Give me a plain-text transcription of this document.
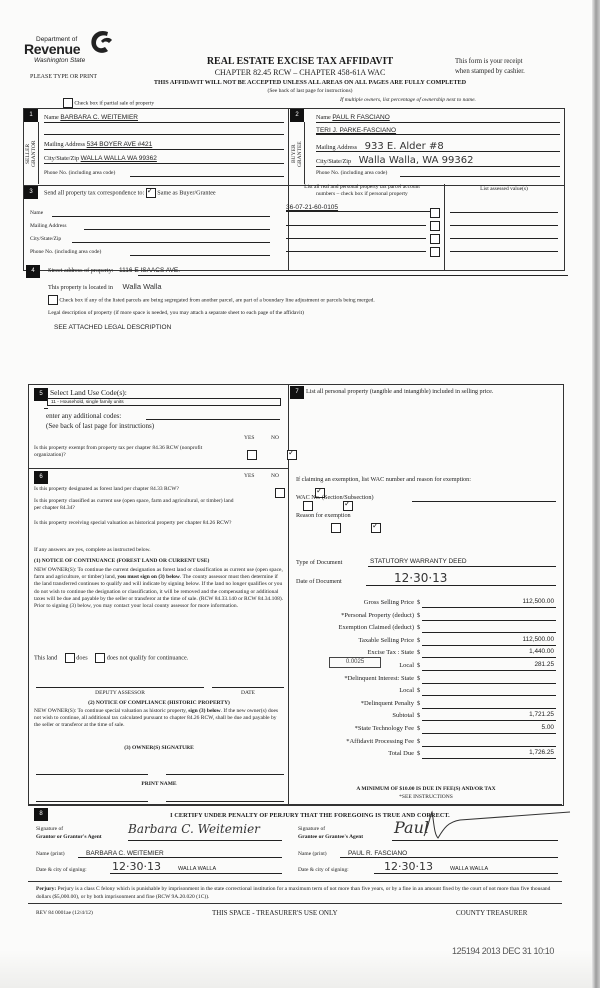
Department of
Revenue
Washington State
PLEASE TYPE OR PRINT
REAL ESTATE EXCISE TAX AFFIDAVIT
CHAPTER 82.45 RCW – CHAPTER 458-61A WAC
This form is your receipt
when stamped by cashier.
THIS AFFIDAVIT WILL NOT BE ACCEPTED UNLESS ALL AREAS ON ALL PAGES ARE FULLY COMPLETED
(See back of last page for instructions)
Check box if partial sale of property
If multiple owners, list percentage of ownership next to name.
1
SELLER
GRANTOR
Name BARBARA C. WEITEMIER
Mailing Address 534 BOYER AVE #421
City/State/Zip WALLA WALLA WA 99362
Phone No. (including area code)
2
BUYER
GRANTEE
Name PAUL R FASCIANO
TERI J. PARKE-FASCIANO
Mailing Address 933 E. Alder #8
City/State/Zip Walla Walla, WA 99362
Phone No. (including area code)
3	Send all property tax correspondence to: ✓ Same as Buyer/Grantee
Name
Mailing Address
City/State/Zip
Phone No. (including area code)
List all real and personal property tax parcel account
numbers – check box if personal property
List assessed value(s)
36-07-21-60-0105
4	Street address of property: 1116 E ISAACS AVE.
This property is located in Walla Walla
Check box if any of the listed parcels are being segregated from another parcel, are part of a boundary line adjustment or parcels being merged.
Legal description of property (if more space is needed, you may attach a separate sheet to each page of the affidavit)
SEE ATTACHED LEGAL DESCRIPTION
5 Select Land Use Code(s):
11 - Household, single family units
enter any additional codes:
(See back of last page for instructions)
YES	NO
Is this property exempt from property tax per chapter 84.36 RCW (nonprofit organization)?
✓
6	YES	NO
Is this property designated as forest land per chapter 84.33 RCW?
✓
Is this property classified as current use (open space, farm and agricultural, or timber) land per chapter 84.34?
✓
Is this property receiving special valuation as historical property per chapter 84.26 RCW?
✓
If any answers are yes, complete as instructed below.
(1) NOTICE OF CONTINUANCE (FOREST LAND OR CURRENT USE)
NEW OWNER(S): To continue the current designation as forest land or classification as current use (open space, farm and agriculture, or timber) land, you must sign on (3) below. The county assessor must then determine if the land transferred continues to qualify and will indicate by signing below. If the land no longer qualifies or you do not wish to continue the designation or classification, it will be removed and the compensating or additional taxes will be due and payable by the seller or transferor at the time of sale. (RCW 84.33.140 or RCW 84.34.108). Prior to signing (3) below, you may contact your local county assessor for more information.
This land	does	does not qualify for continuance.
DEPUTY ASSESSOR	DATE
(2) NOTICE OF COMPLIANCE (HISTORIC PROPERTY)
NEW OWNER(S): To continue special valuation as historic property, sign (3) below. If the new owner(s) does not wish to continue, all additional tax calculated pursuant to chapter 84.26 RCW, shall be due and payable by the seller or transferor at the time of sale.
(3) OWNER(S) SIGNATURE
PRINT NAME
7	List all personal property (tangible and intangible) included in selling price.
If claiming an exemption, list WAC number and reason for exemption:
WAC No. (Section/Subsection)
Reason for exemption
Type of Document	STATUTORY WARRANTY DEED
Date of Document	12·30·13
0.0025
Gross Selling Price $	112,500.00
*Personal Property (deduct) $
Exemption Claimed (deduct) $
Taxable Selling Price $	112,500.00
Excise Tax : State $	1,440.00
Local $	281.25
*Delinquent Interest: State $
Local $
*Delinquent Penalty $
Subtotal $	1,721.25
*State Technology Fee $	5.00
*Affidavit Processing Fee $
Total Due $	1,726.25
A MINIMUM OF $10.00 IS DUE IN FEE(S) AND/OR TAX
*SEE INSTRUCTIONS
8	I CERTIFY UNDER PENALTY OF PERJURY THAT THE FOREGOING IS TRUE AND CORRECT.
Signature of
Grantor or Grantor's Agent
Barbara C. Weitemier	Signature of
Grantee or Grantee's Agent Paul
Name (print)	BARBARA C. WEITEMIER	Name (print)	PAUL R. FASCIANO
Date & city of signing: 12·30·13	WALLA WALLA	Date & city of signing:	12·30·13	WALLA WALLA
Perjury: Perjury is a class C felony which is punishable by imprisonment in the state correctional institution for a maximum term of not more than five years, or by a fine in an amount fixed by the court of not more than five thousand dollars ($5,000.00), or by both imprisonment and fine (RCW 9A.20.020 (1C)).
REV 84 0001ae (12/4/12)	THIS SPACE - TREASURER'S USE ONLY	COUNTY TREASURER
125194 2013 DEC 31 10:10
